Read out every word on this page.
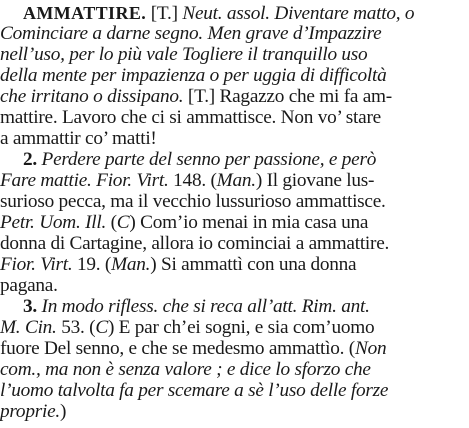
AMMATTIRE. [T.] Neut. assol. Diventare matto, o
Cominciare a darne segno. Men grave d’Impazzire
nell’uso, per lo più vale Togliere il tranquillo uso
della mente per impazienza o per uggia di difficoltà
che irritano o dissipano. [T.] Ragazzo che mi fa am-
mattire. Lavoro che ci si ammattisce. Non vo’ stare
a ammattir co’ matti!
2. Perdere parte del senno per passione, e però
Fare mattie. Fior. Virt. 148. (Man.) Il giovane lus-
surioso pecca, ma il vecchio lussurioso ammattisce.
Petr. Uom. Ill. (C) Com’io menai in mia casa una
donna di Cartagine, allora io cominciai a ammattire.
Fior. Virt. 19. (Man.) Si ammattì con una donna
pagana.
3. In modo rifless. che si reca all’att. Rim. ant.
M. Cin. 53. (C) E par ch’ei sogni, e sia com’uomo
fuore Del senno, e che se medesmo ammattìo. (Non
com., ma non è senza valore ; e dice lo sforzo che
l’uomo talvolta fa per scemare a sè l’uso delle forze
proprie.)
